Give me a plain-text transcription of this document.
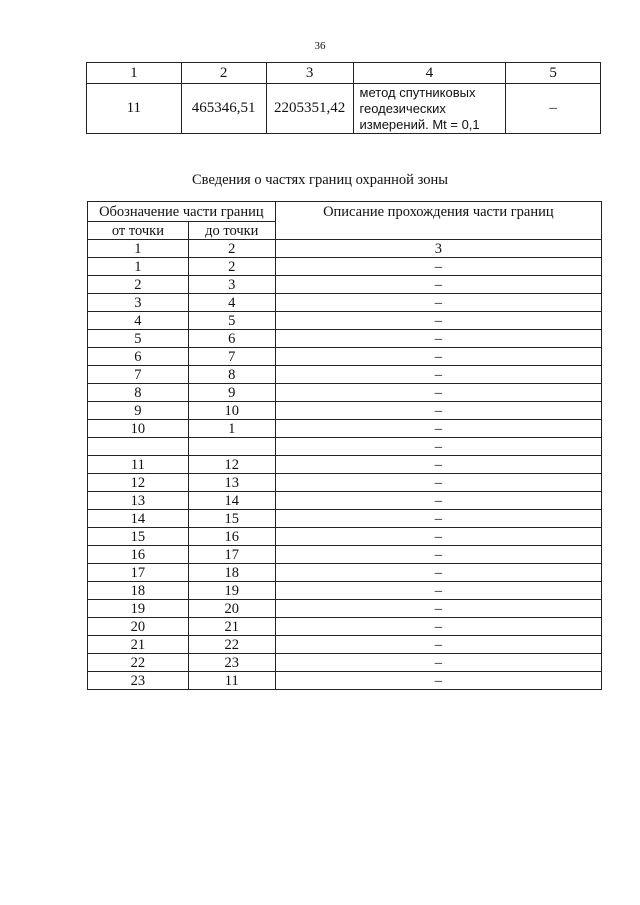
36
1	2	3	4	5
11	465346,51	2205351,42	метод спутниковых
геодезических
измерений. Mt = 0,1	–
Сведения о частях границ охранной зоны
Обозначение части границ		Описание прохождения части границ
от точки	до точки	
1	2	3
1	2	–
2	3	–
3	4	–
4	5	–
5	6	–
6	7	–
7	8	–
8	9	–
9	10	–
10	1	–
		–
11	12	–
12	13	–
13	14	–
14	15	–
15	16	–
16	17	–
17	18	–
18	19	–
19	20	–
20	21	–
21	22	–
22	23	–
23	11	–
